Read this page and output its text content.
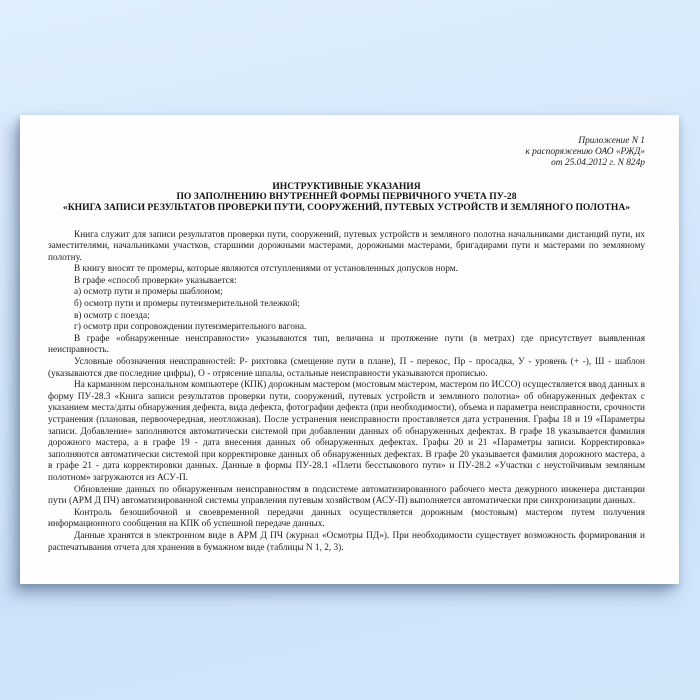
Приложение N 1
к распоряжению ОАО «РЖД»
от 25.04.2012 г. N 824р
ИНСТРУКТИВНЫЕ УКАЗАНИЯ
ПО ЗАПОЛНЕНИЮ ВНУТРЕННЕЙ ФОРМЫ ПЕРВИЧНОГО УЧЕТА ПУ-28
«КНИГА ЗАПИСИ РЕЗУЛЬТАТОВ ПРОВЕРКИ ПУТИ, СООРУЖЕНИЙ, ПУТЕВЫХ УСТРОЙСТВ И ЗЕМЛЯНОГО ПОЛОТНА»

Книга служит для записи результатов проверки пути, сооружений, путевых устройств и земляного полотна начальниками дистанций пути, их заместителями, начальниками участков, старшими дорожными мастерами, дорожными мастерами, бригадирами пути и мастерами по земляному полотну.

В книгу вносят те промеры, которые являются отступлениями от установленных допусков норм.

В графе «способ проверки» указывается:

а) осмотр пути и промеры шаблоном;

б) осмотр пути и промеры путеизмерительной тележкой;

в) осмотр с поезда;

г) осмотр при сопровождении путеизмерительного вагона.

В графе «обнаруженные неисправности» указываются тип, величина и протяжение пути (в метрах) где присутствует выявленная неисправность.

Условные обозначения неисправностей: Р- рихтовка (смещение пути в плане), П - перекос, Пр - просадка, У - уровень (+ -), Ш - шаблон (указываются две последние цифры), О - отрясение шпалы, остальные неисправности указываются прописью.

На карманном персональном компьютере (КПК) дорожным мастером (мостовым мастером, мастером по ИССО) осуществляется ввод данных в форму ПУ-28.3 «Книга записи результатов проверки пути, сооружений, путевых устройств и земляного полотна» об обнаруженных дефектах с указанием места/даты обнаружения дефекта, вида дефекта, фотографии дефекта (при необходимости), объема и параметра неисправности, срочности устранения (плановая, первоочередная, неотложная). После устранения неисправности проставляется дата устранения. Графы 18 и 19 «Параметры записи. Добавление» заполняются автоматически системой при добавлении данных об обнаруженных дефектах. В графе 18 указывается фамилия дорожного мастера, а в графе 19 - дата внесения данных об обнаруженных дефектах. Графы 20 и 21 «Параметры записи. Корректировка» заполняются автоматически системой при корректировке данных об обнаруженных дефектах. В графе 20 указывается фамилия дорожного мастера, а в графе 21 - дата корректировки данных. Данные в формы ПУ-28.1 «Плети бесстыкового пути» и ПУ-28.2 «Участки с неустойчивым земляным полотном» загружаются из АСУ-П.

Обновление данных по обнаруженным неисправностям в подсистеме автоматизированного рабочего места дежурного инженера дистанции пути (АРМ Д ПЧ) автоматизированной системы управления путевым хозяйством (АСУ-П) выполняется автоматически при синхронизации данных.

Контроль безошибочной и своевременной передачи данных осуществляется дорожным (мостовым) мастером путем получения информационного сообщения на КПК об успешной передаче данных.

Данные хранятся в электронном виде в АРМ Д ПЧ (журнал «Осмотры ПД»). При необходимости существует возможность формирования и распечатывания отчета для хранения в бумажном виде (таблицы N 1, 2, 3).
